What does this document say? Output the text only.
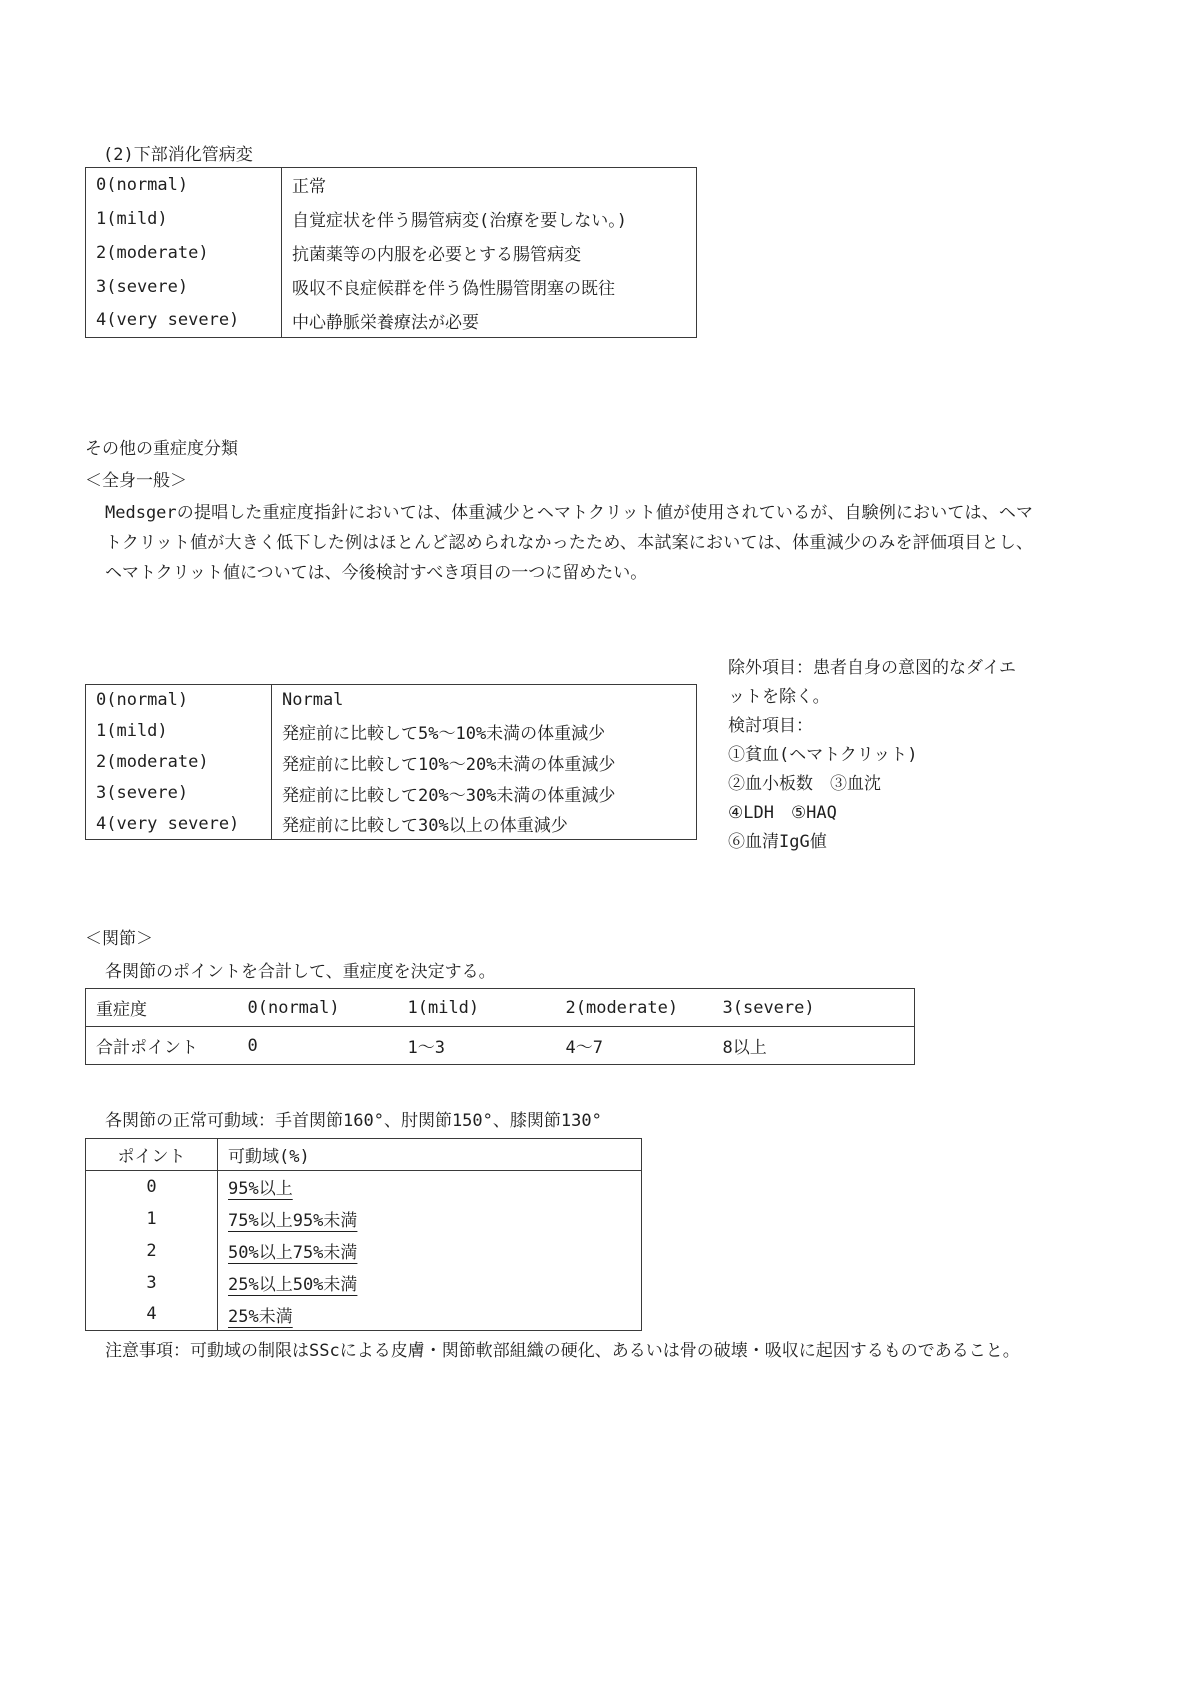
(2)下部消化管病変
0(normal)	正常
1(mild)	自覚症状を伴う腸管病変(治療を要しない。)
2(moderate)	抗菌薬等の内服を必要とする腸管病変
3(severe)	吸収不良症候群を伴う偽性腸管閉塞の既往
4(very severe)	中心静脈栄養療法が必要
その他の重症度分類
＜全身一般＞
Medsgerの提唱した重症度指針においては、体重減少とヘマトクリット値が使用されているが、自験例においては、ヘマトクリット値が大きく低下した例はほとんど認められなかったため、本試案においては、体重減少のみを評価項目とし、ヘマトクリット値については、今後検討すべき項目の一つに留めたい。
0(normal)	Normal
1(mild)	発症前に比較して5%～10%未満の体重減少
2(moderate)	発症前に比較して10%～20%未満の体重減少
3(severe)	発症前に比較して20%～30%未満の体重減少
4(very severe)	発症前に比較して30%以上の体重減少
除外項目：患者自身の意図的なダイエットを除く。
検討項目：
①貧血(ヘマトクリット)
②血小板数　③血沈
④LDH　⑤HAQ
⑥血清IgG値
＜関節＞
各関節のポイントを合計して、重症度を決定する。
重症度	0(normal)	1(mild)	2(moderate)	3(severe)
合計ポイント	0	1～3	4～7	8以上
各関節の正常可動域：手首関節160°、肘関節150°、膝関節130°
ポイント	可動域(%)
0	95%以上
1	75%以上95%未満
2	50%以上75%未満
3	25%以上50%未満
4	25%未満
注意事項：可動域の制限はSScによる皮膚・関節軟部組織の硬化、あるいは骨の破壊・吸収に起因するものであること。
